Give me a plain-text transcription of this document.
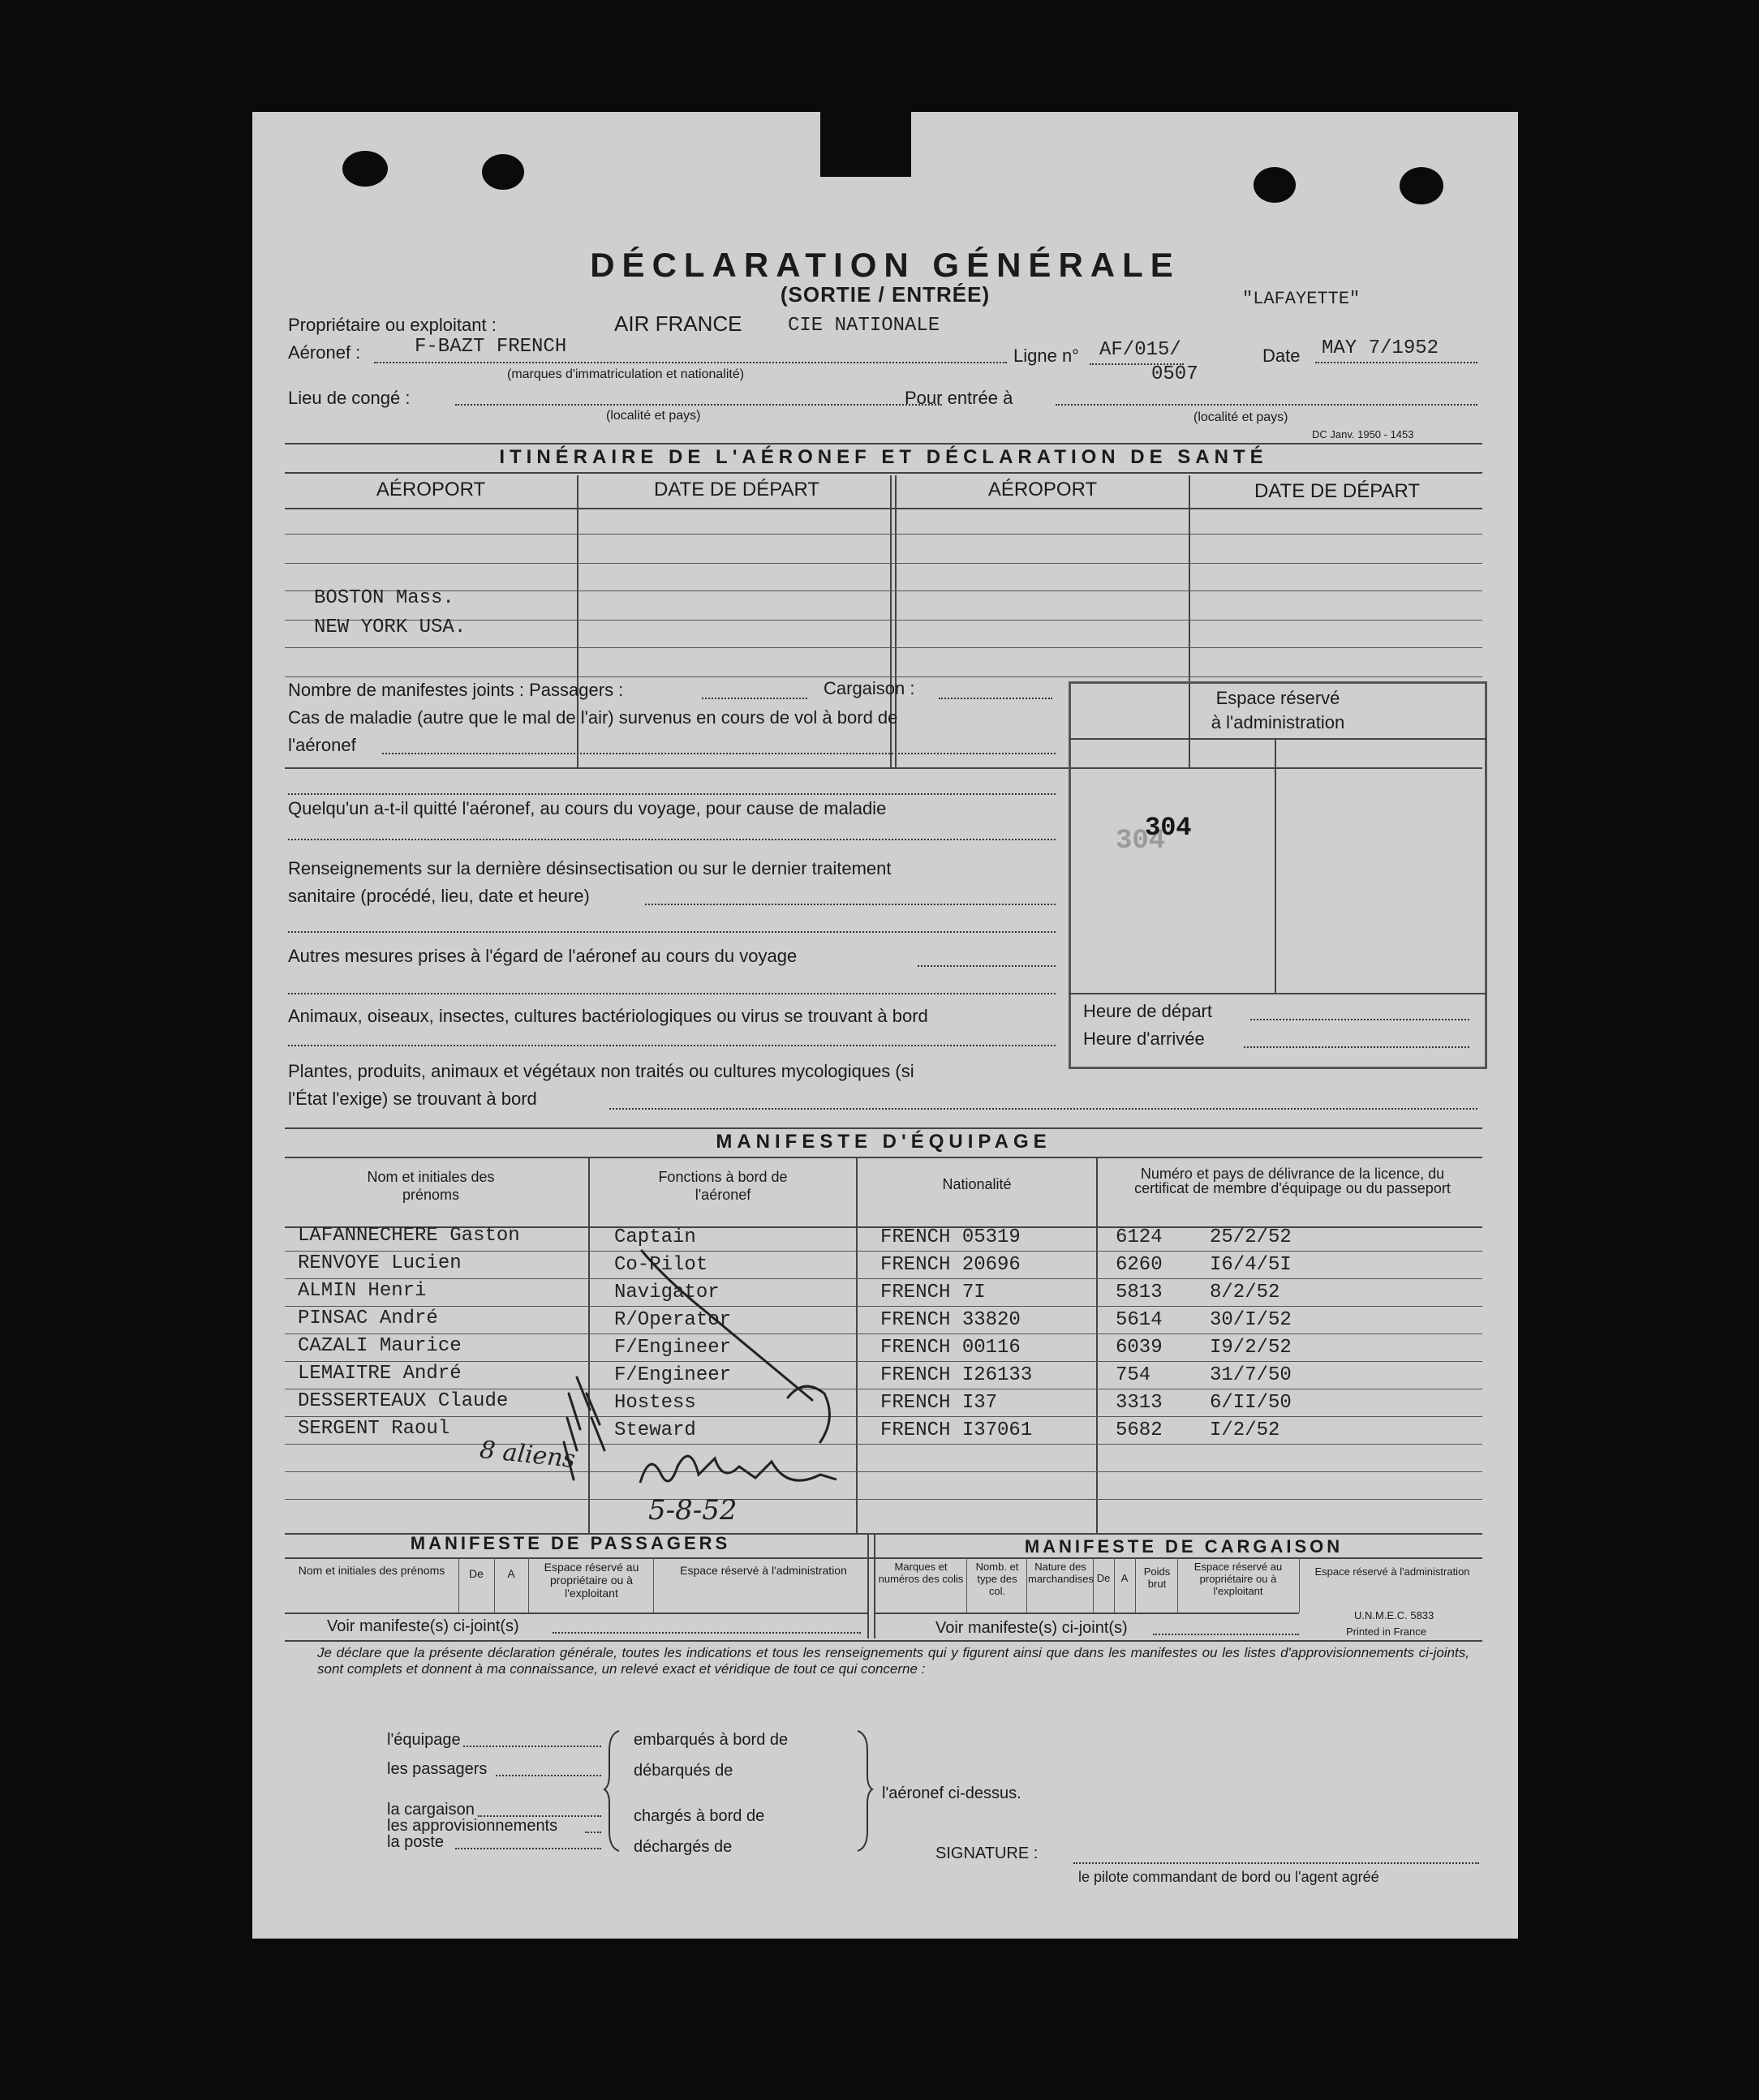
DÉCLARATION GÉNÉRALE
(SORTIE / ENTRÉE)	"LAFAYETTE"
Propriétaire ou exploitant :	AIR FRANCE CIE NATIONALE
Aéronef :	F-BAZT FRENCH
(marques d'immatriculation et nationalité)
Ligne n° AF/015/
0507
Date MAY 7/1952
Lieu de congé :
(localité et pays)
Pour entrée à
(localité et pays)
DC Janv. 1950 - 1453
ITINÉRAIRE DE L'AÉRONEF ET DÉCLARATION DE SANTÉ
AÉROPORT	DATE DE DÉPART	AÉROPORT	DATE DE DÉPART
BOSTON Mass.
NEW YORK USA.
Nombre de manifestes joints : Passagers :	Cargaison :
Cas de maladie (autre que le mal de l'air) survenus en cours de vol à bord de
l'aéronef
Quelqu'un a-t-il quitté l'aéronef, au cours du voyage, pour cause de maladie
Renseignements sur la dernière désinsectisation ou sur le dernier traitement
sanitaire (procédé, lieu, date et heure)
Autres mesures prises à l'égard de l'aéronef au cours du voyage
Animaux, oiseaux, insectes, cultures bactériologiques ou virus se trouvant à bord
Plantes, produits, animaux et végétaux non traités ou cultures mycologiques (si
l'État l'exige) se trouvant à bord
Espace réservé
à l'administration
304
304
Heure de départ
Heure d'arrivée
MANIFESTE D'ÉQUIPAGE
Nom et initiales des prénoms
Fonctions à bord de l'aéronef
Nationalité
Numéro et pays de délivrance de la licence, du certificat de membre d'équipage ou du passeport
LAFANNECHERE Gaston	Captain	FRENCH 05319	6124 25/2/52
RENVOYE Lucien	Co-Pilot	FRENCH 20696	6260 I6/4/5I
ALMIN Henri	Navigator	FRENCH 7I	5813 8/2/52
PINSAC André	R/Operator	FRENCH 33820	5614 30/I/52
CAZALI Maurice	F/Engineer	FRENCH 00116	6039 I9/2/52
LEMAITRE André	F/Engineer	FRENCH I26133	754	31/7/50
DESSERTEAUX Claude	Hostess	FRENCH I37	3313 6/II/50
SERGENT Raoul	Steward	FRENCH I37061	5682 I/2/52
8 aliens
5-8-52
MANIFESTE DE PASSAGERS	MANIFESTE DE CARGAISON
Nom et initiales des prénoms	De	A	Espace réservé au propriétaire ou à l'exploitant
Espace réservé à l'administration
Voir manifeste(s) ci-joint(s)
Marques et numéros des colis
Nomb. et type des col.
Nature des marchandises De	A
Poids brut
Espace réservé au propriétaire ou à l'exploitant
Espace réservé à l'administration
Voir manifeste(s) ci-joint(s)
U.N.M.E.C. 5833
Printed in France
Je déclare que la présente déclaration générale, toutes les indications et tous les renseignements qui y figurent ainsi que dans les manifestes ou les listes d'approvisionnements ci-joints, sont complets et donnent à ma connaissance, un relevé exact et véridique de tout ce qui concerne :
l'équipage
les passagers
la cargaison
les approvisionnements
la poste
embarqués à bord de
débarqués de
chargés à bord de
déchargés de
l'aéronef ci-dessus.
SIGNATURE :
le pilote commandant de bord ou l'agent agréé
